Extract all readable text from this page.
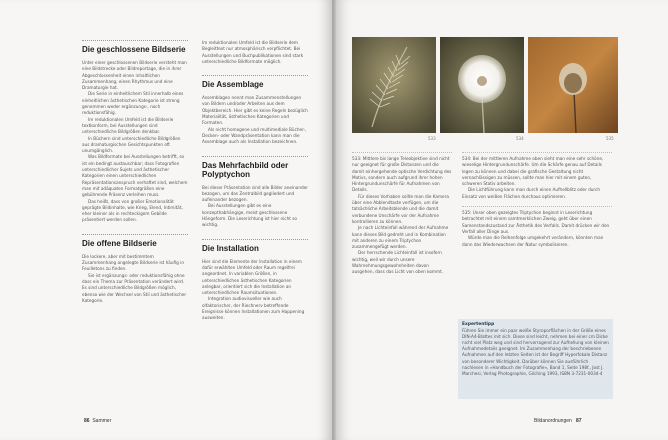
Die geschlossene Bildserie

Unter einer geschlossenen Bildserie versteht man eine Bildstrecke oder Bildreportage, die in ihrer Abgeschlossenheit einen inhaltlichen Zusammenhang, einen Rhythmus und eine Dramaturgie hat.

Die Serie in einheitlichem Stil innerhalb eines einheitlichen ästhetischen Kategorie ist streng genommen weder ergänzungs-, noch reduktionsfähig.

Im reduktionalen Umfeld ist die Bildserie textkonform, bei Ausstellungen sind unterschiedliche Bildgrößen denkbar.

In Büchern sind unterschiedliche Bildgrößen aus dramaturgischen Gesichtspunkten oft unumgänglich.

Was Bildformate bei Ausstellungen betrifft, so ist ein bedingt austauschbar; dass Fotografien unterschiedlicher Sujets und ästhetischer Kategorien einen unterschiedlichen Repräsentationsanspruch verhaftet sind, welchem man mit adäquaten Formatgrößen eine gebührende Präsenz verleihen muss.

Das heißt, dass von großer Emotionalität geprägte Bildinhalte, wie Krieg, Elend, Intimität, eher kleiner als in rechteckigem Gebilde präsentiert werden sollen.

Die offene Bildserie

Die lockere, aber mit bestimmtem Zusammenhang angelegte Bildserie ist häufig in Feuilletons zu finden.

Sie ist ergänzungs- oder reduktionsfähig ohne dass ein Thema zur Präsentation verändert wird. Es sind unterschiedliche Bildgrößen möglich, ebenso wie der Wechsel von Stil und ästhetischer Kategorie.

Im reduktionalen Umfeld ist die Bildserie dem Begleittext nur atmosphärisch verpflichtet. Bei Ausstellungen und Buchpublikationen sind stark unterschiedliche Bildformate möglich.

Die Assemblage

Assemblagen nennt man Zusammenstellungen von Bildern und/oder Arbeiten aus dem Objektbereich. Hier gibt es keine Regeln bezüglich Materialität, ästhetischen Kategorien und Formaten.

Als nicht homogene und multimediale Bücher-, Decken- oder Wandpräsentation kann man die Assemblage auch als Installation bezeichnen.

Das Mehrfachbild oder Polyptychon

Bei dieser Präsentation sind alle Bilder aneinander bezogen, um das Zentralbild gegliedert und aufeinander bezogen.

Bei Ausstellungen gibt es eine konzepthabhängige, meist geschlossene Hängeform. Die Leserichtung ist hier nicht so wichtig.

Die Installation

Hier sind die Elemente der Installation in einem dafür erwählten Umfeld oder Raum regelfrei angeordnet. In variablen Größen, in unterschiedlichen ästhetischen Kategorien anlegbar, orientiert sich die Installation an unterschiedlichen Raumsituationen.

Integration audiovisueller wie auch olfaktorischer, der Riechnerv betreffende Ereignisse können Installationen zum Happening ausweiten.

86 Sammer
533	534	535

533: Mittlere bis lange Teleobjektive sind nicht nur geeignet für große Distanzen und die damit einhergehende optische Verdichtung des Motivs, sondern auch aufgrund ihrer hohen Hintergrundunschärfe für Aufnahmen von Details.

Für dieses Vorhaben sollte man die Kamera über eine Abblendtaste verfügen, um die tatsächliche Arbeitsblende und die damit verbundene Unschärfe vor der Aufnahme kontrollieren zu können.

Je nach Lichteinfall während der Aufnahme kann dieses Bild gedreht und in Kombination mit anderen zu einem Triptychon zusammengefügt werden.

Der herrschende Lichteinfall ist insofern wichtig, weil wir durch unsere Wahrnehmungsgewohnheiten davon ausgehen, dass das Licht von oben kommt.

534: Bei der mittleren Aufnahme oben sieht man eine sehr schöne, wieselige Hintergrundunschärfe. Um die Schärfe genau auf Details legen zu können und dabei die grafische Gestaltung nicht vernachlässigen zu müssen, sollte man hier mit einem guten, schweren Stativ arbeiten.

Die Lichtführung kann man durch einen Aufhellblitz oder durch Einsatz von weißen Flächen durchaus optimieren.

535: Unser oben gezeigtes Triptychon beginnt in Leserichtung betrachtet mit einem samtmerklichen Zweig, geht über einen Samenstandszustand zur Ästhetik des Verfalls. Damit drücken wir den Verfall aller Dinge aus.

Würde man die Reihenfolge umgekehrt verändern, könnten man dann das Wiederwachsen der Natur symbolisieren.

Expertentipp
Führen Sie immer ein paar weiße Styroporflächen in der Größe eines DIN-A4-Blattes mit sich. Diese sind leicht, nehmen bei einer cm Dicke nicht viel Platz weg und sind hervorragend zur Aufhellung von kleinen Aufnahmedetails geeignet. Im Zusammenhang der beschriebenen Aufnahmen auf den letzten Seiten ist der Begriff Hyperfokale Distanz von besonderer Wichtigkeit. Darüber können Sie ausführlich nachlesen in »Handbuch der Fotografie«, Band 1, Seite 198f., Jost J. Marchesi, Verlag Photographie, Gilching 1993, ISBN 3-7231-0034-4
Bildanordnungen 87
